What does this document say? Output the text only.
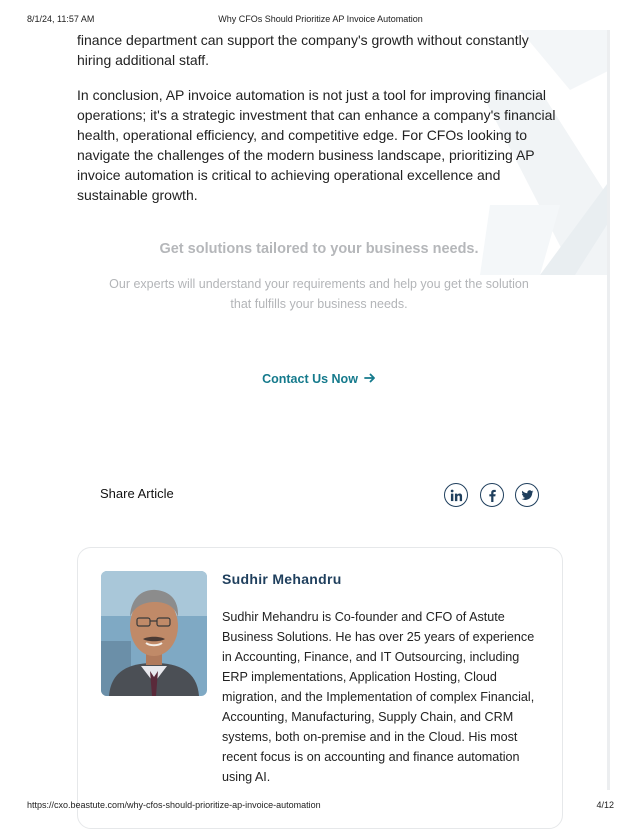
8/1/24, 11:57 AM	Why CFOs Should Prioritize AP Invoice Automation

finance department can support the company's growth without constantly hiring additional staff.

In conclusion, AP invoice automation is not just a tool for improving financial operations; it's a strategic investment that can enhance a company's financial health, operational efficiency, and competitive edge. For CFOs looking to navigate the challenges of the modern business landscape, prioritizing AP invoice automation is critical to achieving operational excellence and sustainable growth.

Get solutions tailored to your business needs.

Our experts will understand your requirements and help you get the solution that fulfills your business needs.

Contact Us Now
Share Article
Sudhir Mehandru

Sudhir Mehandru is Co-founder and CFO of Astute Business Solutions. He has over 25 years of experience in Accounting, Finance, and IT Outsourcing, including ERP implementations, Application Hosting, Cloud migration, and the Implementation of complex Financial, Accounting, Manufacturing, Supply Chain, and CRM systems, both on-premise and in the Cloud. His most recent focus is on accounting and finance automation using AI.

https://cxo.beastute.com/why-cfos-should-prioritize-ap-invoice-automation	4/12
